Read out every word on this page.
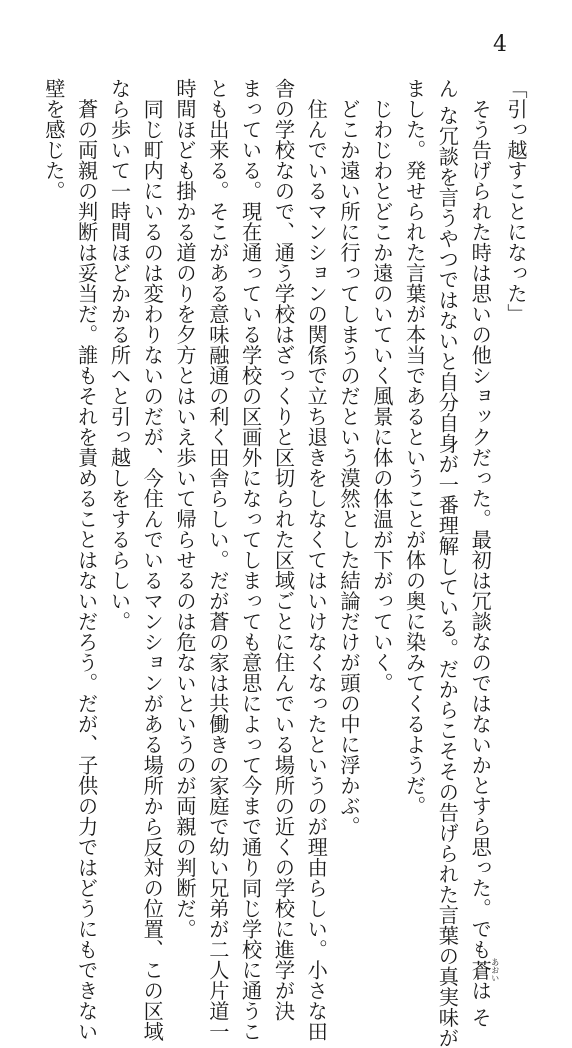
4
「引っ越すことになった」
　そう告げられた時は思いの他ショックだった。最初は冗談なのではないかとすら思った。でも蒼あおいは そ
ん な冗談を言うやつではないと自分自身が一番理解している。だからこそその告げられた言葉の真実味が
ました。発せられた言葉が本当であるということが体の奥に染みてくるようだ。
　じわじわとどこか遠のいていく風景に体の体温が下がっていく。
　どこか遠い所に行ってしまうのだという漠然とした結論だけが頭の中に浮かぶ。
　住んでいるマンションの関係で立ち退きをしなくてはいけなくなったというのが理由らしい。小さな田
舎の学校なので、通う学校はざっくりと区切られた区域ごとに住んでいる場所の近くの学校に進学が決
まっている。現在通っている学校の区画外になってしまっても意思によって今まで通り同じ学校に通うこ
とも出来る。そこがある意味融通の利く田舎らしい。だが蒼の家は共働きの家庭で幼い兄弟が二人片道一
時間ほども掛かる道のりを夕方とはいえ歩いて帰らせるのは危ないというのが両親の判断だ。
　同じ町内にいるのは変わりないのだが、今住んでいるマンションがある場所から反対の位置、この区域
なら歩いて一時間ほどかかる所へと引っ越しをするらしい。
　蒼の両親の判断は妥当だ。誰もそれを責めることはないだろう。だが、子供の力ではどうにもできない
壁を感じた。
